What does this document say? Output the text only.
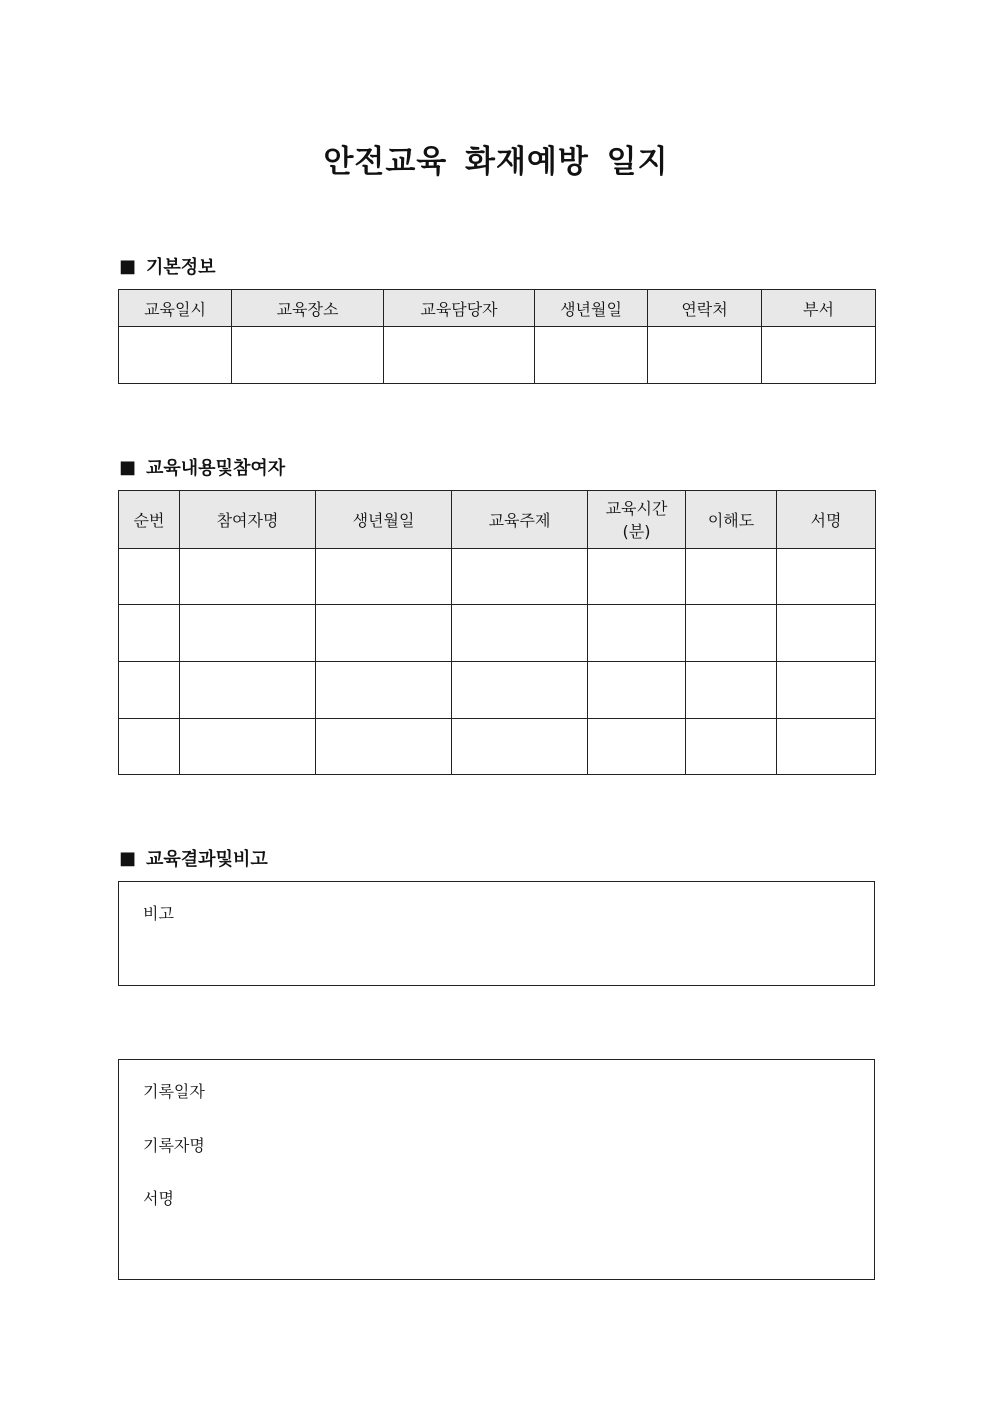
안전교육 화재예방 일지
■ 기본정보
교육일시	교육장소	교육담당자	생년월일	연락처	부서

■ 교육내용및참여자
순번	참여자명	생년월일	교육주제	교육시간(분)	이해도	서명

■ 교육결과및비고
비고
기록일자
기록자명
서명
